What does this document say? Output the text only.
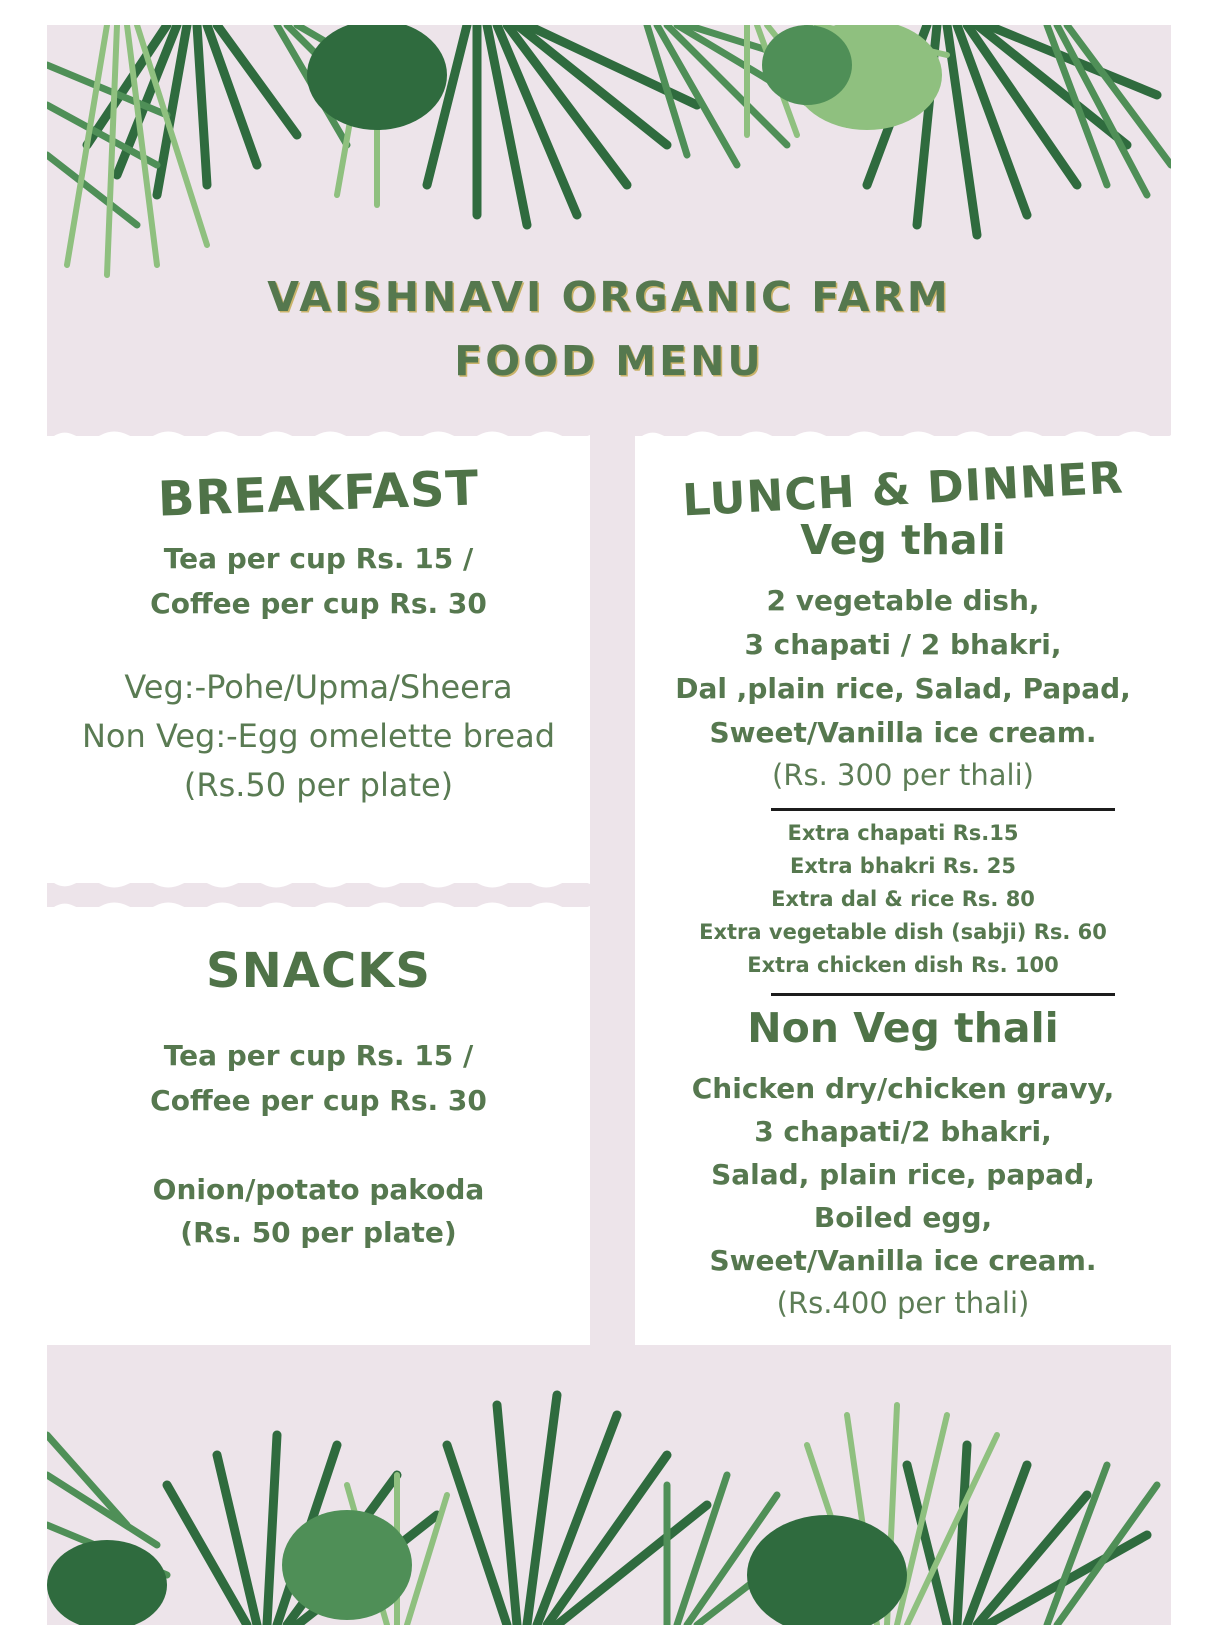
VAISHNAVI ORGANIC FARM
FOOD MENU
BREAKFAST
Tea per cup Rs. 15 /
Coffee per cup Rs. 30
Veg:-Pohe/Upma/Sheera
Non Veg:-Egg omelette bread
(Rs.50 per plate)
SNACKS
Tea per cup Rs. 15 /
Coffee per cup Rs. 30
Onion/potato pakoda
(Rs. 50 per plate)
LUNCH & DINNER
Veg thali
2 vegetable dish,
3 chapati / 2 bhakri,
Dal ,plain rice, Salad, Papad,
Sweet/Vanilla ice cream.
(Rs. 300 per thali)
Extra chapati Rs.15
Extra bhakri Rs. 25
Extra dal & rice Rs. 80
Extra vegetable dish (sabji) Rs. 60
Extra chicken dish Rs. 100
Non Veg thali
Chicken dry/chicken gravy,
3 chapati/2 bhakri,
Salad, plain rice, papad,
Boiled egg,
Sweet/Vanilla ice cream.
(Rs.400 per thali)
